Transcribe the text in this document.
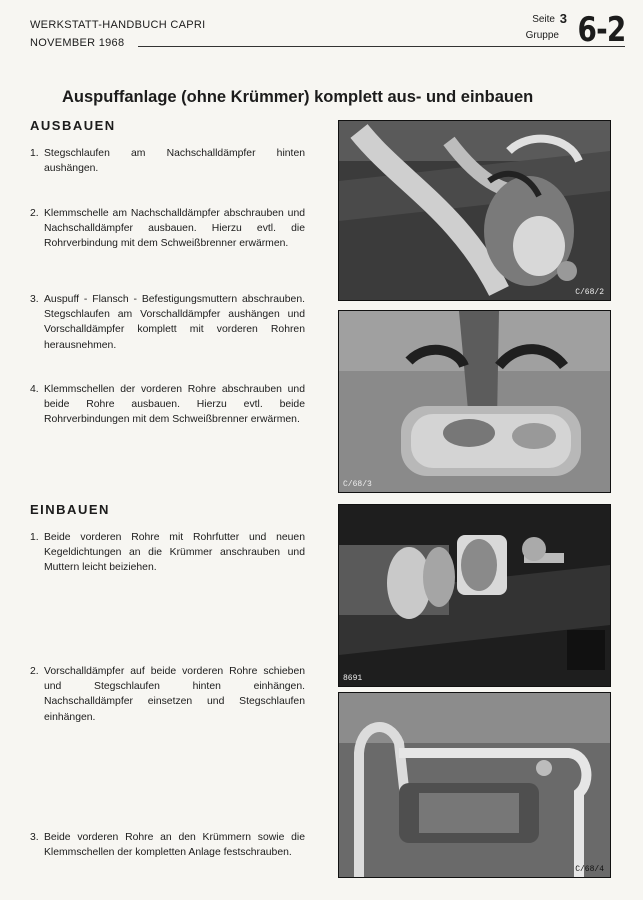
WERKSTATT-HANDBUCH CAPRI
NOVEMBER 1968
Seite 3
Gruppe 6-2
Auspuffanlage (ohne Krümmer) komplett aus- und einbauen
AUSBAUEN
1. Stegschlaufen am Nachschalldämpfer hinten aushängen.
2. Klemmschelle am Nachschalldämpfer abschrauben und Nachschalldämpfer ausbauen. Hierzu evtl. die Rohrverbindung mit dem Schweißbrenner erwärmen.
3. Auspuff - Flansch - Befestigungsmuttern abschrauben. Stegschlaufen am Vorschalldämpfer aushängen und Vorschalldämpfer komplett mit vorderen Rohren herausnehmen.
4. Klemmschellen der vorderen Rohre abschrauben und beide Rohre ausbauen. Hierzu evtl. beide Rohrverbindungen mit dem Schweißbrenner erwärmen.
EINBAUEN
1. Beide vorderen Rohre mit Rohrfutter und neuen Kegeldichtungen an die Krümmer anschrauben und Muttern leicht beiziehen.
2. Vorschalldämpfer auf beide vorderen Rohre schieben und Stegschlaufen hinten einhängen. Nachschalldämpfer einsetzen und Stegschlaufen einhängen.
3. Beide vorderen Rohre an den Krümmern sowie die Klemmschellen der kompletten Anlage festschrauben.
C/68/2
C/68/3
8691
C/68/4
